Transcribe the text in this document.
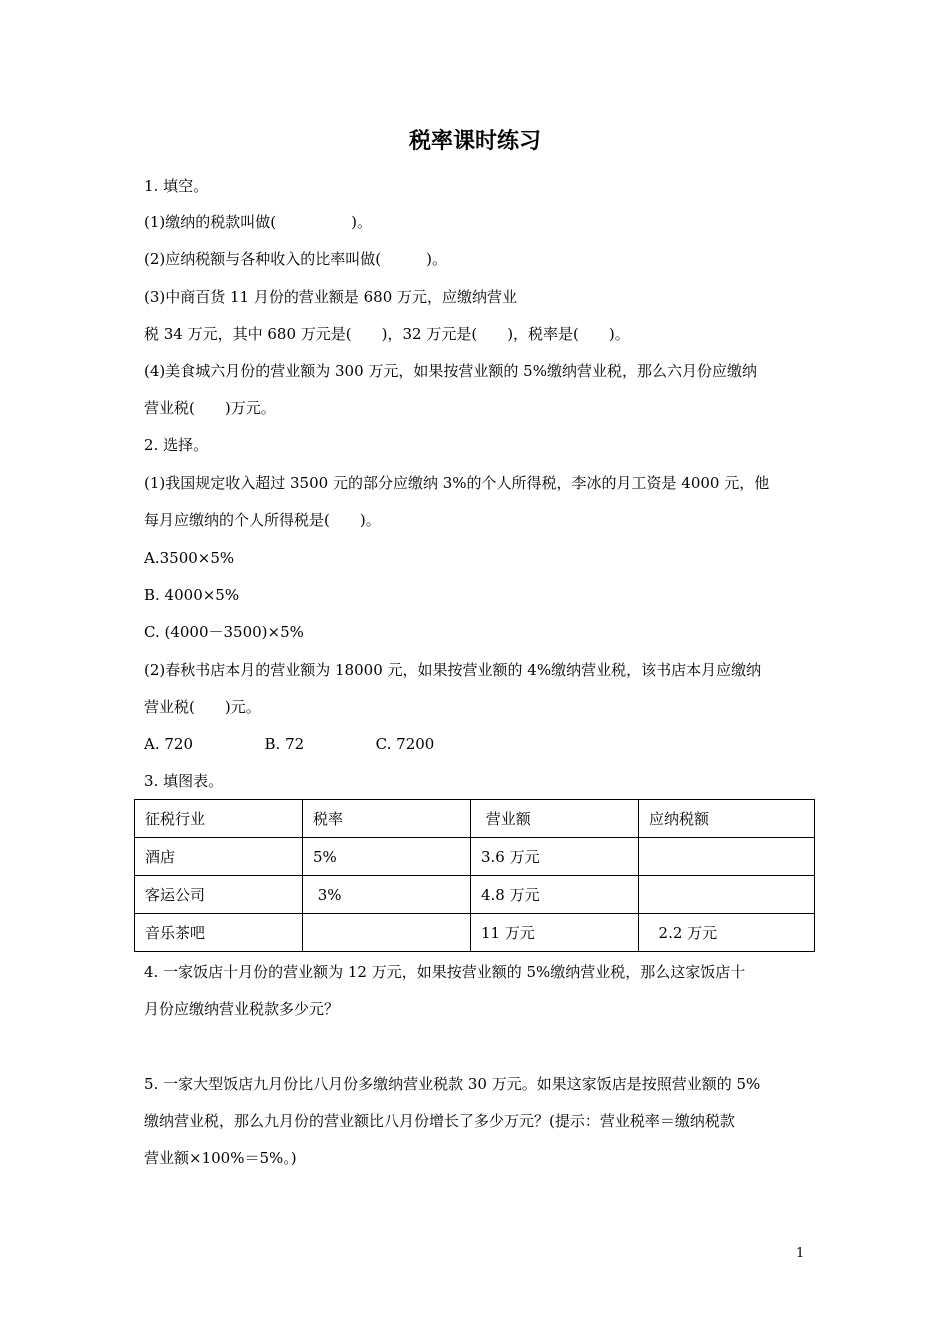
税率课时练习
1. 填空。
(1)缴纳的税款叫做(　　　　　)。
(2)应纳税额与各种收入的比率叫做(　　　)。
(3)中商百货 11 月份的营业额是 680 万元，应缴纳营业
税 34 万元，其中 680 万元是(　　)，32 万元是(　　)，税率是(　　)。
(4)美食城六月份的营业额为 300 万元，如果按营业额的 5%缴纳营业税，那么六月份应缴纳
营业税(　　)万元。
2. 选择。
(1)我国规定收入超过 3500 元的部分应缴纳 3%的个人所得税，李冰的月工资是 4000 元，他
每月应缴纳的个人所得税是(　　)。
A.3500×5%
B. 4000×5%
C. (4000－3500)×5%
(2)春秋书店本月的营业额为 18000 元，如果按营业额的 4%缴纳营业税，该书店本月应缴纳
营业税(　　)元。
A. 720               B. 72               C. 7200
3. 填图表。
征税行业	税率	营业额	应纳税额
酒店	5%	3.6 万元	
客运公司	3%	4.8 万元	
音乐茶吧		11 万元	2.2 万元
4. 一家饭店十月份的营业额为 12 万元，如果按营业额的 5%缴纳营业税，那么这家饭店十
月份应缴纳营业税款多少元？
5. 一家大型饭店九月份比八月份多缴纳营业税款 30 万元。如果这家饭店是按照营业额的 5%
缴纳营业税，那么九月份的营业额比八月份增长了多少万元？(提示：营业税率＝缴纳税款
营业额×100%＝5%。)
1
